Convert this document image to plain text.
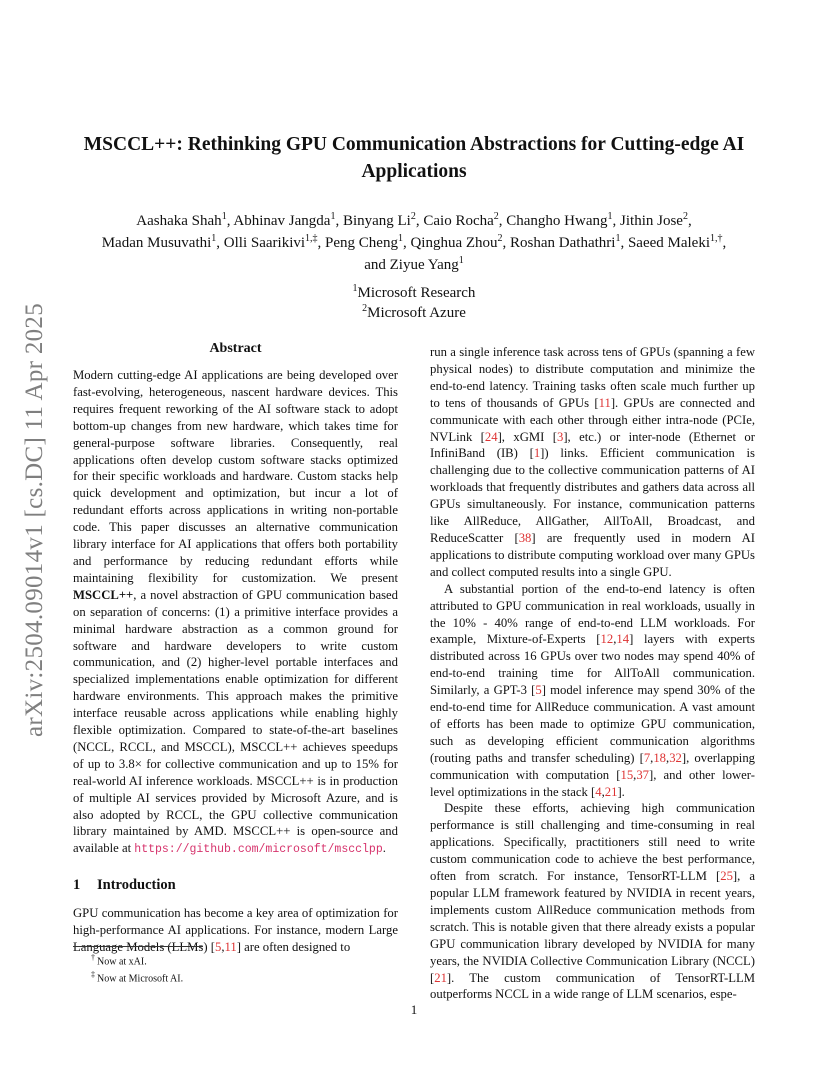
arXiv:2504.09014v1 [cs.DC] 11 Apr 2025
MSCCL++: Rethinking GPU Communication Abstractions for Cutting-edge AI
Applications
Aashaka Shah$^1$, Abhinav Jangda$^1$, Binyang Li$^2$, Caio Rocha$^2$, Changho Hwang$^1$, Jithin Jose$^2$,
Madan Musuvathi$^1$, Olli Saarikivi$^{1,\ddagger}$, Peng Cheng$^1$, Qinghua Zhou$^2$, Roshan Dathathri$^1$, Saeed Maleki$^{1,\dagger}$,
and Ziyue Yang$^1$
$^1$Microsoft Research
$^2$Microsoft Azure
Abstract

Modern cutting-edge AI applications are being developed over fast-evolving, heterogeneous, nascent hardware devices. This requires frequent reworking of the AI software stack to adopt bottom-up changes from new hardware, which takes time for general-purpose software libraries. Consequently, real applications often develop custom software stacks optimized for their specific workloads and hardware. Custom stacks help quick development and optimization, but incur a lot of redundant efforts across applications in writing non-portable code. This paper discusses an alternative communication library interface for AI applications that offers both portability and performance by reducing redundant efforts while maintaining flexibility for customization. We present MSCCL++, a novel abstraction of GPU communication based on separation of concerns: (1) a primitive interface provides a minimal hardware abstraction as a common ground for software and hardware developers to write custom communication, and (2) higher-level portable interfaces and specialized implementations enable optimization for different hardware environments. This approach makes the primitive interface reusable across applications while enabling highly flexible optimization. Compared to state-of-the-art baselines (NCCL, RCCL, and MSCCL), MSCCL++ achieves speedups of up to 3.8× for collective communication and up to 15% for real-world AI inference workloads. MSCCL++ is in production of multiple AI services provided by Microsoft Azure, and is also adopted by RCCL, the GPU collective communication library maintained by AMD. MSCCL++ is open-source and available at https://github.com/microsoft/mscclpp.

1 Introduction

GPU communication has become a key area of optimization for high-performance AI applications. For instance, modern Large Language Models (LLMs) [5,11] are often designed to

run a single inference task across tens of GPUs (spanning a few physical nodes) to distribute computation and minimize the end-to-end latency. Training tasks often scale much further up to tens of thousands of GPUs [11]. GPUs are connected and communicate with each other through either intra-node (PCIe, NVLink [24], xGMI [3], etc.) or inter-node (Ethernet or InfiniBand (IB) [1]) links. Efficient communication is challenging due to the collective communication patterns of AI workloads that frequently distributes and gathers data across all GPUs simultaneously. For instance, communication patterns like AllReduce, AllGather, AllToAll, Broadcast, and ReduceScatter [38] are frequently used in modern AI applications to distribute computing workload over many GPUs and collect computed results into a single GPU.

A substantial portion of the end-to-end latency is often attributed to GPU communication in real workloads, usually in the 10% - 40% range of end-to-end LLM workloads. For example, Mixture-of-Experts [12,14] layers with experts distributed across 16 GPUs over two nodes may spend 40% of end-to-end training time for AllToAll communication. Similarly, a GPT-3 [5] model inference may spend 30% of the end-to-end time for AllReduce communication. A vast amount of efforts has been made to optimize GPU communication, such as developing efficient communication algorithms (routing paths and transfer scheduling) [7,18,32], overlapping communication with computation [15,37], and other lower-level optimizations in the stack [4,21].

Despite these efforts, achieving high communication performance is still challenging and time-consuming in real applications. Specifically, practitioners still need to write custom communication code to achieve the best performance, often from scratch. For instance, TensorRT-LLM [25], a popular LLM framework featured by NVIDIA in recent years, implements custom AllReduce communication methods from scratch. This is notable given that there already exists a popular GPU communication library developed by NVIDIA for many years, the NVIDIA Collective Communication Library (NCCL) [21]. The custom communication of TensorRT-LLM outperforms NCCL in a wide range of LLM scenarios, espe-

† Now at xAI.
‡ Now at Microsoft AI.
1
